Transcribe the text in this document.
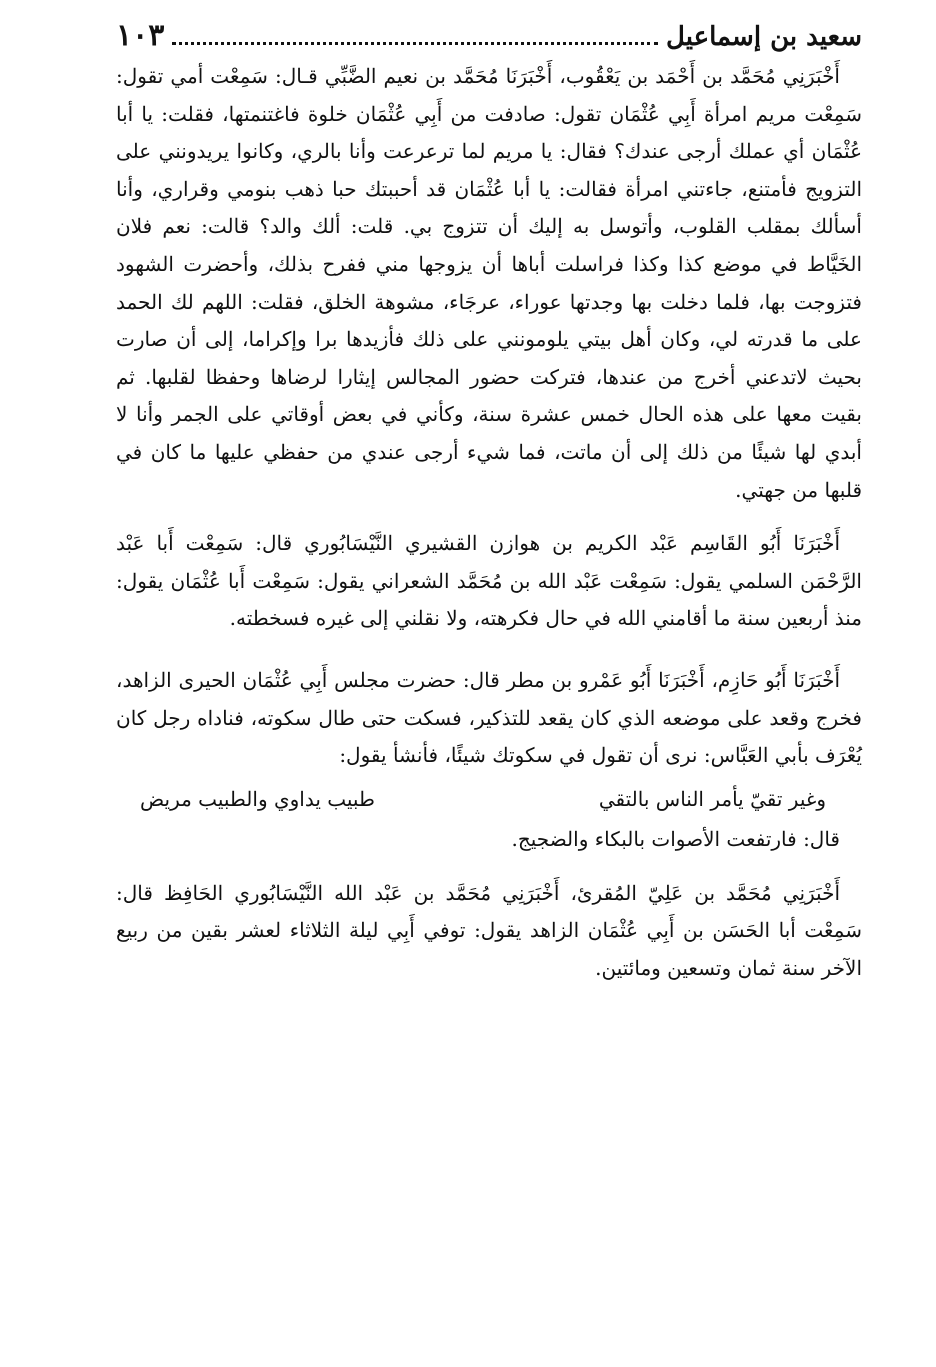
سعيد بن إسماعيل
١٠٣

أَخْبَرَنِي مُحَمَّد بن أَحْمَد بن يَعْقُوب، أَخْبَرَنَا مُحَمَّد بن نعيم الضَّبِّي قـال: سَمِعْت أمي تقول: سَمِعْت مريم امرأة أَبِي عُثْمَان تقول: صادفت من أَبِي عُثْمَان خلوة فاغتنمتها، فقلت: يا أبا عُثْمَان أي عملك أرجى عندك؟ فقال: يا مريم لما ترعرعت وأنا بالري، وكانوا يريدونني على التزويج فأمتنع، جاءتني امرأة فقالت: يا أبا عُثْمَان قد أحببتك حبا ذهب بنومي وقراري، وأنا أسألك بمقلب القلوب، وأتوسل به إليك أن تتزوج بي. قلت: ألك والد؟ قالت: نعم فلان الخَيَّاط في موضع كذا وكذا فراسلت أباها أن يزوجها مني ففرح بذلك، وأحضرت الشهود فتزوجت بها، فلما دخلت بها وجدتها عوراء، عرجَاء، مشوهة الخلق، فقلت: اللهم لك الحمد على ما قدرته لي، وكان أهل بيتي يلومونني على ذلك فأزيدها برا وإكراما، إلى أن صارت بحيث لاتدعني أخرج من عندها، فتركت حضور المجالس إيثارا لرضاها وحفظا لقلبها. ثم بقيت معها على هذه الحال خمس عشرة سنة، وكأني في بعض أوقاتي على الجمر وأنا لا أبدي لها شيئًا من ذلك إلى أن ماتت، فما شيء أرجى عندي من حفظي عليها ما كان في قلبها من جهتي.

أَخْبَرَنَا أَبُو القَاسِم عَبْد الكريم بن هوازن القشيري النَّيْسَابُوري قال: سَمِعْت أَبا عَبْد الرَّحْمَن السلمي يقول: سَمِعْت عَبْد الله بن مُحَمَّد الشعراني يقول: سَمِعْت أَبا عُثْمَان يقول: منذ أربعين سنة ما أقامني الله في حال فكرهته، ولا نقلني إلى غيره فسخطته.

أَخْبَرَنَا أَبُو حَازِم، أَخْبَرَنَا أَبُو عَمْرو بن مطر قال: حضرت مجلس أَبِي عُثْمَان الحيرى الزاهد، فخرج وقعد على موضعه الذي كان يقعد للتذكير، فسكت حتى طال سكوته، فناداه رجل كان يُعْرَف بأبي العَبَّاس: نرى أن تقول في سكوتك شيئًا، فأنشأ يقول:

وغير تقيّ يأمر الناس بالتقي
طبيب يداوي والطبيب مريض
قال: فارتفعت الأصوات بالبكاء والضجيج.

أَخْبَرَنِي مُحَمَّد بن عَلِيّ المُقرئ، أَخْبَرَنِي مُحَمَّد بن عَبْد الله النَّيْسَابُوري الحَافِظ قال: سَمِعْت أبا الحَسَن بن أَبِي عُثْمَان الزاهد يقول: توفي أَبِي ليلة الثلاثاء لعشر بقين من ربيع الآخر سنة ثمان وتسعين ومائتين.
